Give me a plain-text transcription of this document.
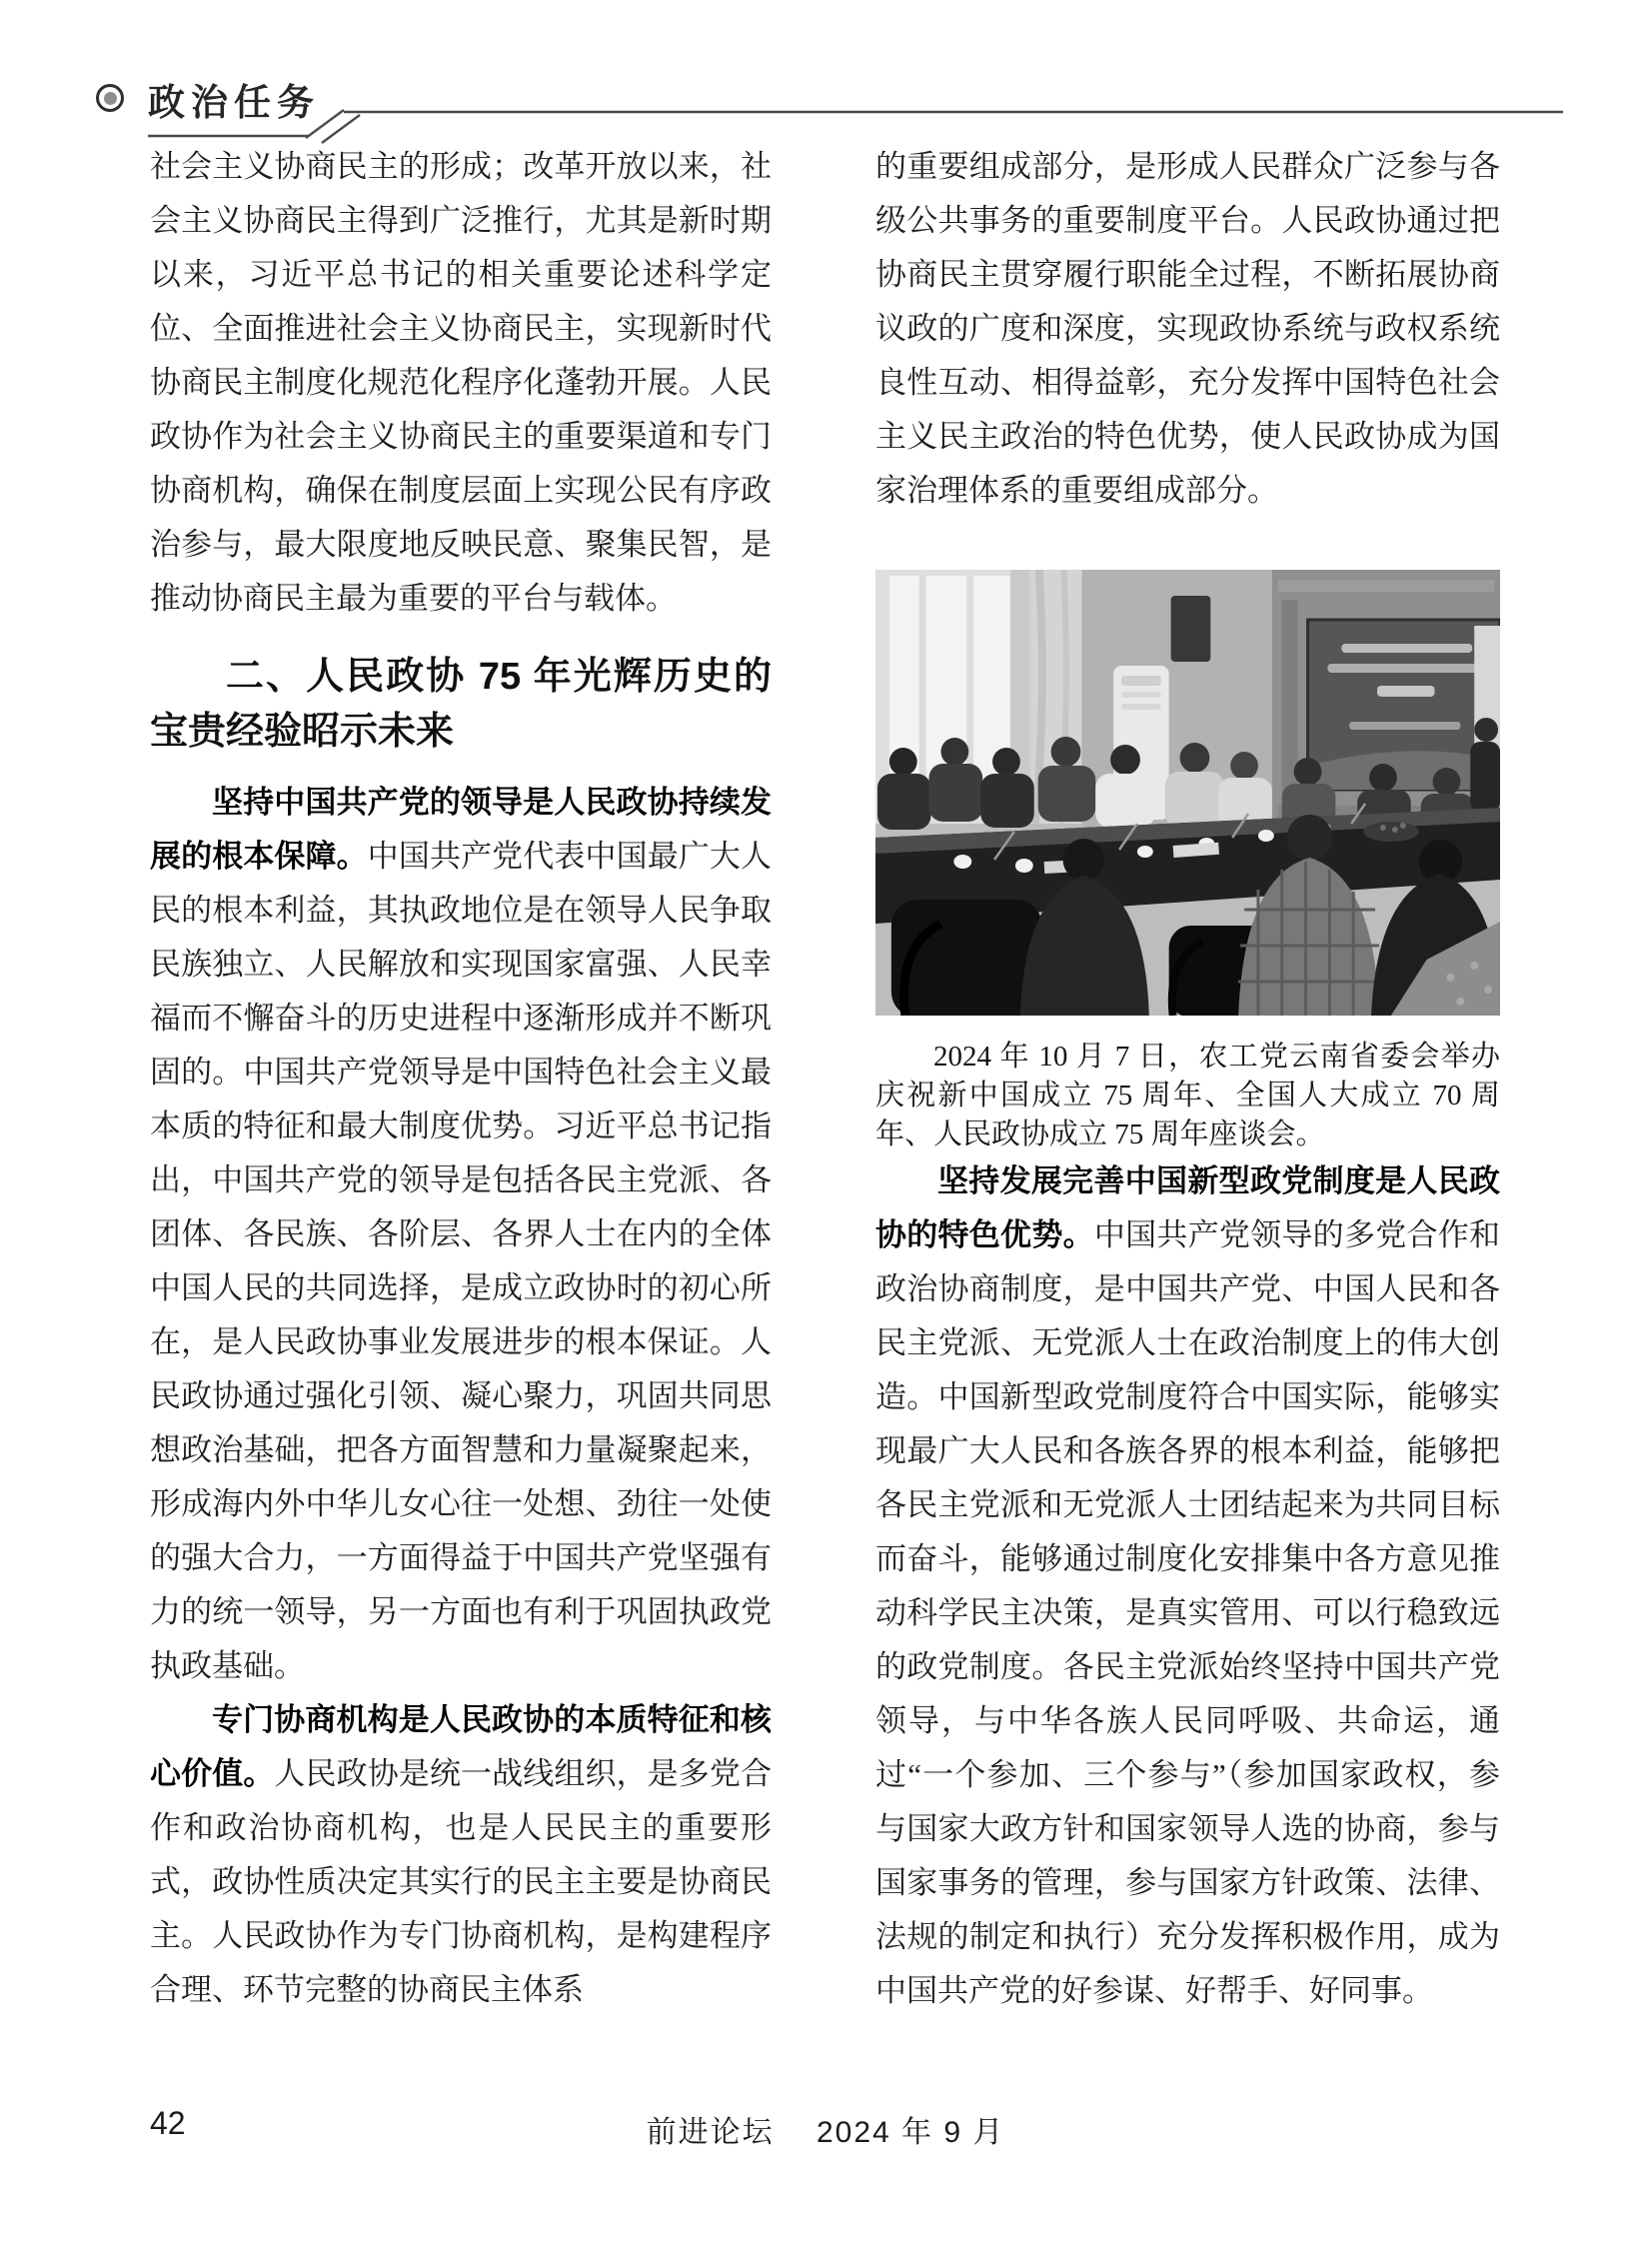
政治任务

社会主义协商民主的形成；改革开放以来，社会主义协商民主得到广泛推行，尤其是新时期以来，习近平总书记的相关重要论述科学定位、全面推进社会主义协商民主，实现新时代协商民主制度化规范化程序化蓬勃开展。人民政协作为社会主义协商民主的重要渠道和专门协商机构，确保在制度层面上实现公民有序政治参与，最大限度地反映民意、聚集民智，是推动协商民主最为重要的平台与载体。

二、人民政协 75 年光辉历史的宝贵经验昭示未来

坚持中国共产党的领导是人民政协持续发展的根本保障。中国共产党代表中国最广大人民的根本利益，其执政地位是在领导人民争取民族独立、人民解放和实现国家富强、人民幸福而不懈奋斗的历史进程中逐渐形成并不断巩固的。中国共产党领导是中国特色社会主义最本质的特征和最大制度优势。习近平总书记指出，中国共产党的领导是包括各民主党派、各团体、各民族、各阶层、各界人士在内的全体中国人民的共同选择，是成立政协时的初心所在，是人民政协事业发展进步的根本保证。人民政协通过强化引领、凝心聚力，巩固共同思想政治基础，把各方面智慧和力量凝聚起来，形成海内外中华儿女心往一处想、劲往一处使的强大合力，一方面得益于中国共产党坚强有力的统一领导，另一方面也有利于巩固执政党执政基础。

专门协商机构是人民政协的本质特征和核心价值。人民政协是统一战线组织，是多党合作和政治协商机构，也是人民民主的重要形式，政协性质决定其实行的民主主要是协商民主。人民政协作为专门协商机构，是构建程序合理、环节完整的协商民主体系

的重要组成部分，是形成人民群众广泛参与各级公共事务的重要制度平台。人民政协通过把协商民主贯穿履行职能全过程，不断拓展协商议政的广度和深度，实现政协系统与政权系统良性互动、相得益彰，充分发挥中国特色社会主义民主政治的特色优势，使人民政协成为国家治理体系的重要组成部分。

2024 年 10 月 7 日，农工党云南省委会举办庆祝新中国成立 75 周年、全国人大成立 70 周年、人民政协成立 75 周年座谈会。

坚持发展完善中国新型政党制度是人民政协的特色优势。中国共产党领导的多党合作和政治协商制度，是中国共产党、中国人民和各民主党派、无党派人士在政治制度上的伟大创造。中国新型政党制度符合中国实际，能够实现最广大人民和各族各界的根本利益，能够把各民主党派和无党派人士团结起来为共同目标而奋斗，能够通过制度化安排集中各方意见推动科学民主决策，是真实管用、可以行稳致远的政党制度。各民主党派始终坚持中国共产党领导，与中华各族人民同呼吸、共命运，通过“一个参加、三个参与”（参加国家政权，参与国家大政方针和国家领导人选的协商，参与国家事务的管理，参与国家方针政策、法律、法规的制定和执行）充分发挥积极作用，成为中国共产党的好参谋、好帮手、好同事。

42	前进论坛　 2024 年 9 月
